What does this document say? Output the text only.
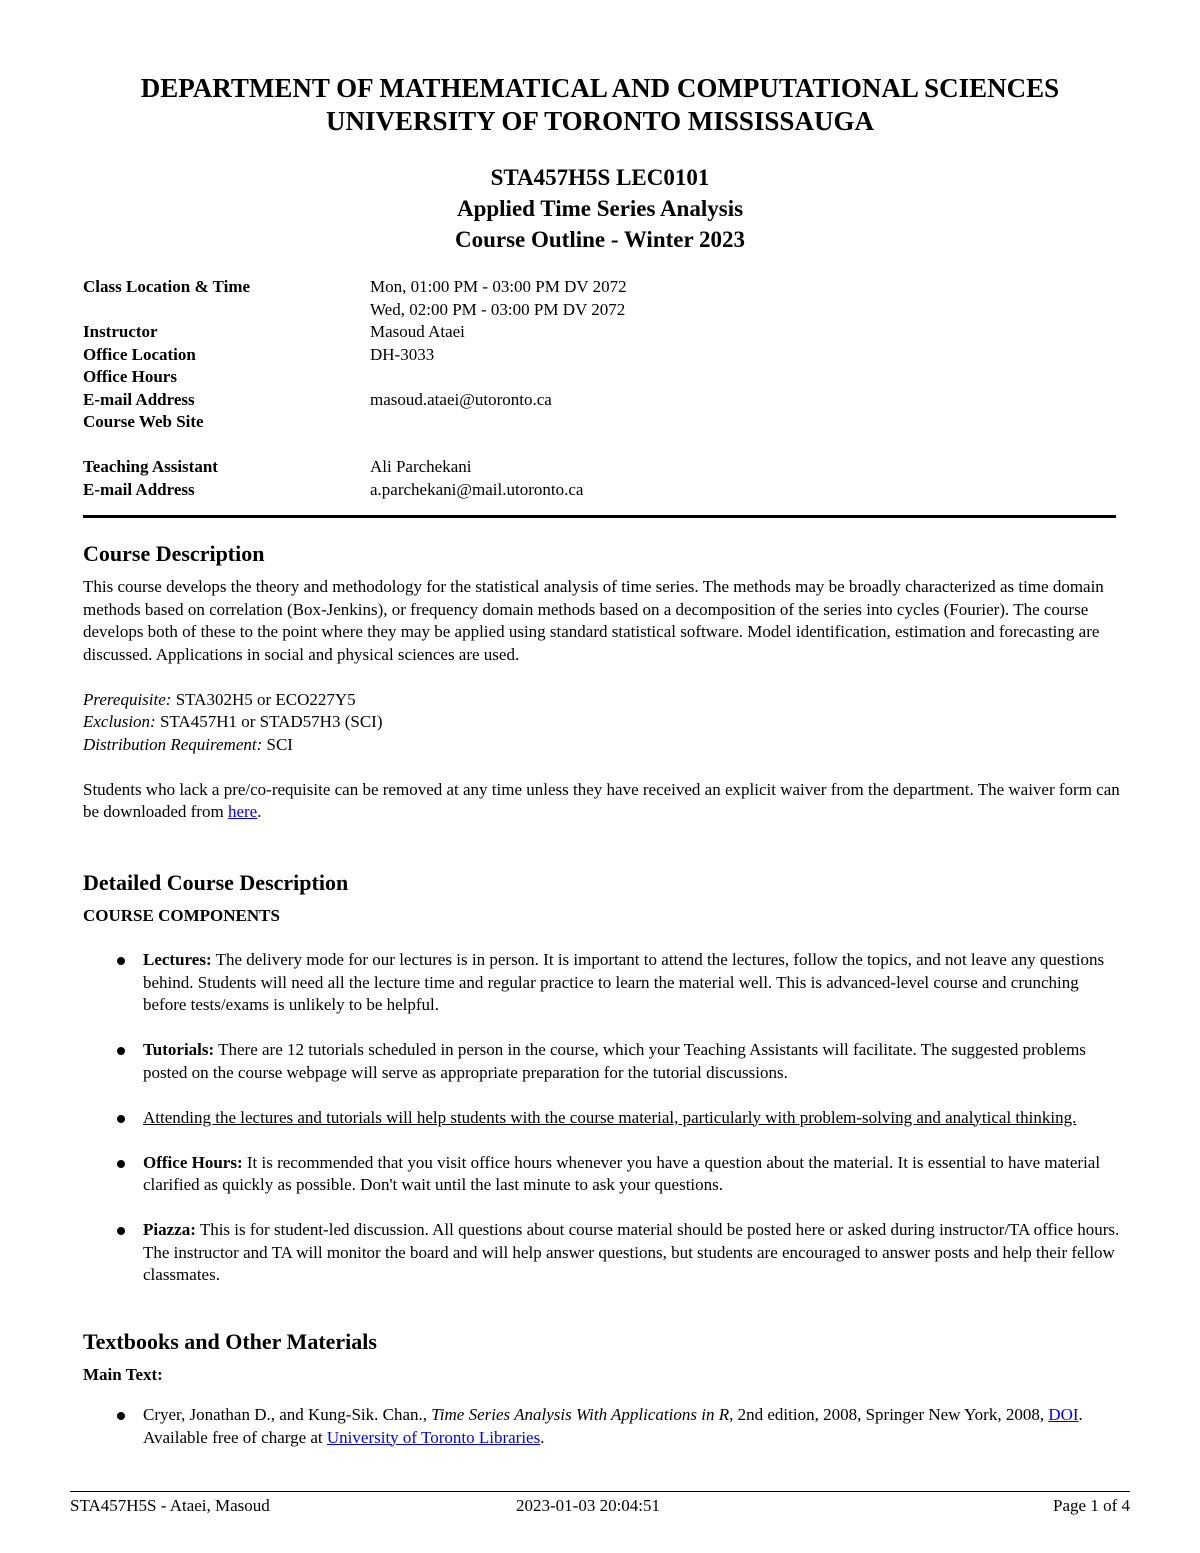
DEPARTMENT OF MATHEMATICAL AND COMPUTATIONAL SCIENCES
UNIVERSITY OF TORONTO MISSISSAUGA
STA457H5S LEC0101
Applied Time Series Analysis
Course Outline - Winter 2023
Class Location & Time	Mon, 01:00 PM - 03:00 PM DV 2072
Wed, 02:00 PM - 03:00 PM DV 2072
Instructor	Masoud Ataei
Office Location	DH-3033
Office Hours
E-mail Address	masoud.ataei@utoronto.ca
Course Web Site
Teaching Assistant	Ali Parchekani
E-mail Address	a.parchekani@mail.utoronto.ca
Course Description

This course develops the theory and methodology for the statistical analysis of time series. The methods may be broadly characterized as time domain methods based on correlation (Box-Jenkins), or frequency domain methods based on a decomposition of the series into cycles (Fourier). The course develops both of these to the point where they may be applied using standard statistical software. Model identification, estimation and forecasting are discussed. Applications in social and physical sciences are used.

Prerequisite: STA302H5 or ECO227Y5

Exclusion: STA457H1 or STAD57H3 (SCI)

Distribution Requirement: SCI

Students who lack a pre/co-requisite can be removed at any time unless they have received an explicit waiver from the department. The waiver form can be downloaded from here.

Detailed Course Description
COURSE COMPONENTS
Lectures: The delivery mode for our lectures is in person. It is important to attend the lectures, follow the topics, and not leave any questions behind. Students will need all the lecture time and regular practice to learn the material well. This is advanced-level course and crunching before tests/exams is unlikely to be helpful.
Tutorials: There are 12 tutorials scheduled in person in the course, which your Teaching Assistants will facilitate. The suggested problems posted on the course webpage will serve as appropriate preparation for the tutorial discussions.
Attending the lectures and tutorials will help students with the course material, particularly with problem-solving and analytical thinking.
Office Hours: It is recommended that you visit office hours whenever you have a question about the material. It is essential to have material clarified as quickly as possible. Don't wait until the last minute to ask your questions.
Piazza: This is for student-led discussion. All questions about course material should be posted here or asked during instructor/TA office hours. The instructor and TA will monitor the board and will help answer questions, but students are encouraged to answer posts and help their fellow classmates.
Textbooks and Other Materials
Main Text:
Cryer, Jonathan D., and Kung-Sik. Chan., Time Series Analysis With Applications in R, 2nd edition, 2008, Springer New York, 2008, DOI. Available free of charge at University of Toronto Libraries.
STA457H5S - Ataei, Masoud	2023-01-03 20:04:51	Page 1 of 4
